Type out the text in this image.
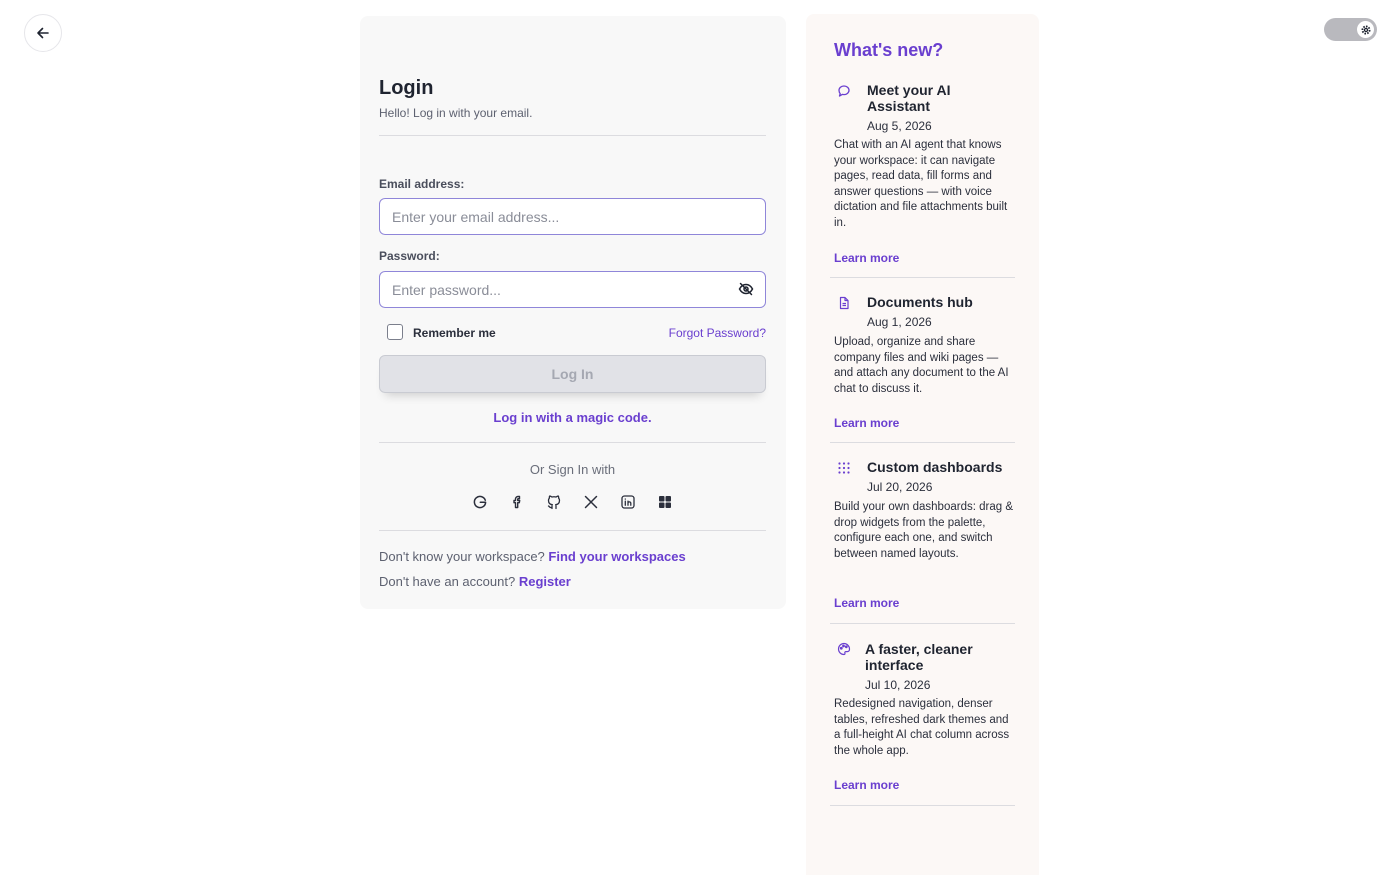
Login
Hello! Log in with your email.
Email address:
Enter your email address...
Password:
Remember me	Forgot Password?
Log In
Log in with a magic code.
Or Sign In with
Don't know your workspace? Find your workspaces
Don't have an account? Register
What's new?
Meet your AI Assistant
Aug 5, 2026
Chat with an AI agent that knows your workspace: it can navigate pages, read data, fill forms and answer questions — with voice dictation and file attachments built in.
Learn more
Documents hub
Aug 1, 2026
Upload, organize and share company files and wiki pages — and attach any document to the AI chat to discuss it.
Learn more
Custom dashboards
Jul 20, 2026
Build your own dashboards: drag & drop widgets from the palette, configure each one, and switch between named layouts.
Learn more
A faster, cleaner interface
Jul 10, 2026
Redesigned navigation, denser tables, refreshed dark themes and a full-height AI chat column across the whole app.
Learn more
